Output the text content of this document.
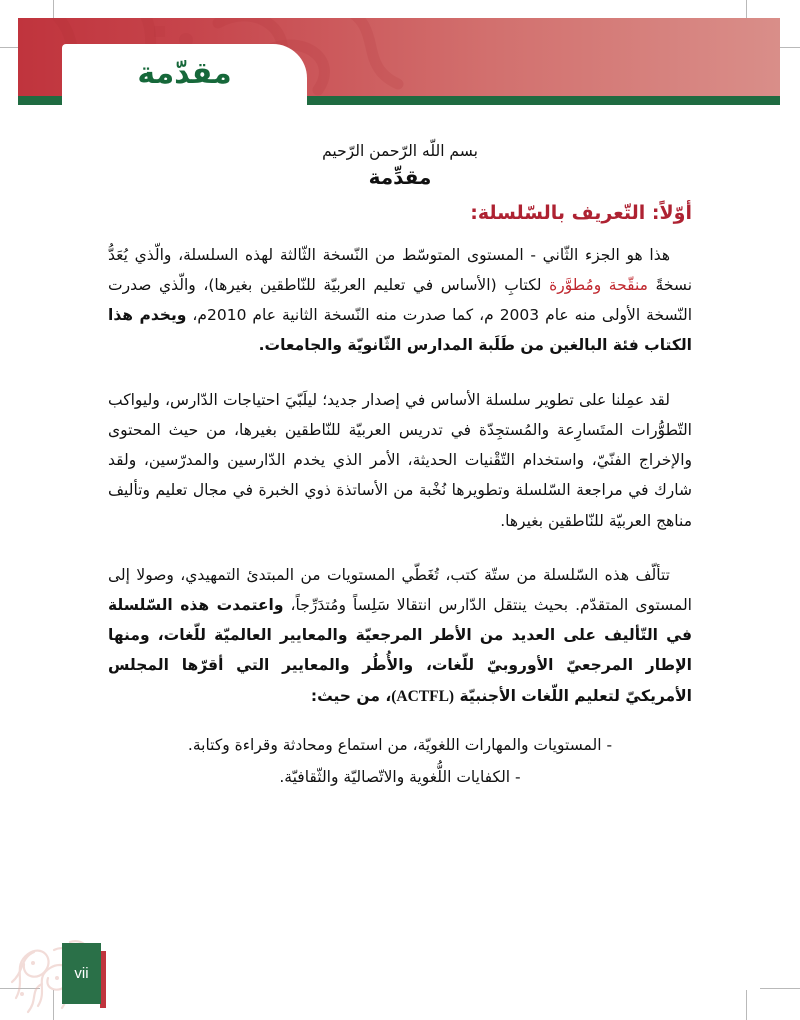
مقدّمة
بسم اللّه الرّحمن الرّحيم
مقدِّمة
أوّلاً: التّعريف بالسّلسلة:

هذا هو الجزء الثّاني - المستوى المتوسّط من النّسخة الثّالثة لهذه السلسلة، والّذي يُعَدُّ نسخةً منقّحة ومُطوَّرة لكتابِ (الأساس في تعليم العربيّة للنّاطقين بغيرها)، والّذي صدرت النّسخة الأولى منه عام 2003 م، كما صدرت منه النّسخة الثانية عام 2010م، ويخدم هذا الكتاب فئة البالغين من طَلَبة المدارس الثّانويّة والجامعات.

لقد عمِلنا على تطوير سلسلة الأساس في إصدار جديد؛ ليلَبّيَ احتياجات الدّارس، وليواكب التّطوُّرات المتَسارِعة والمُستجِدّة في تدريس العربيّة للنّاطقين بغيرها، من حيث المحتوى والإخراج الفنّيّ، واستخدام التّقْنيات الحديثة، الأمر الذي يخدم الدّارسين والمدرّسين، ولقد شارك في مراجعة السّلسلة وتطويرها نُخْبة من الأساتذة ذوي الخبرة في مجال تعليم وتأليف مناهج العربيّة للنّاطقين بغيرها.

تتألّف هذه السّلسلة من ستّة كتب، تُغَطّي المستويات من المبتدئ التمهيدي، وصولا إلى المستوى المتقدّم. بحيث ينتقل الدّارس انتقالا سَلِساً ومُتدَرِّجاً، واعتمدت هذه السّلسلة في التّأليف على العديد من الأطر المرجعيّة والمعايير العالميّة للّغات، ومنها الإطار المرجعيّ الأوروبيّ للّغات، والأُطُر والمعايير التي أقرّها المجلس الأمريكيّ لتعليم اللّغات الأجنبيّة (ACTFL)، من حيث:

- المستويات والمهارات اللغويّة، من استماع ومحادثة وقراءة وكتابة.
- الكفايات اللُّغوية والاتّصاليّة والثّقافيّة.
vii
